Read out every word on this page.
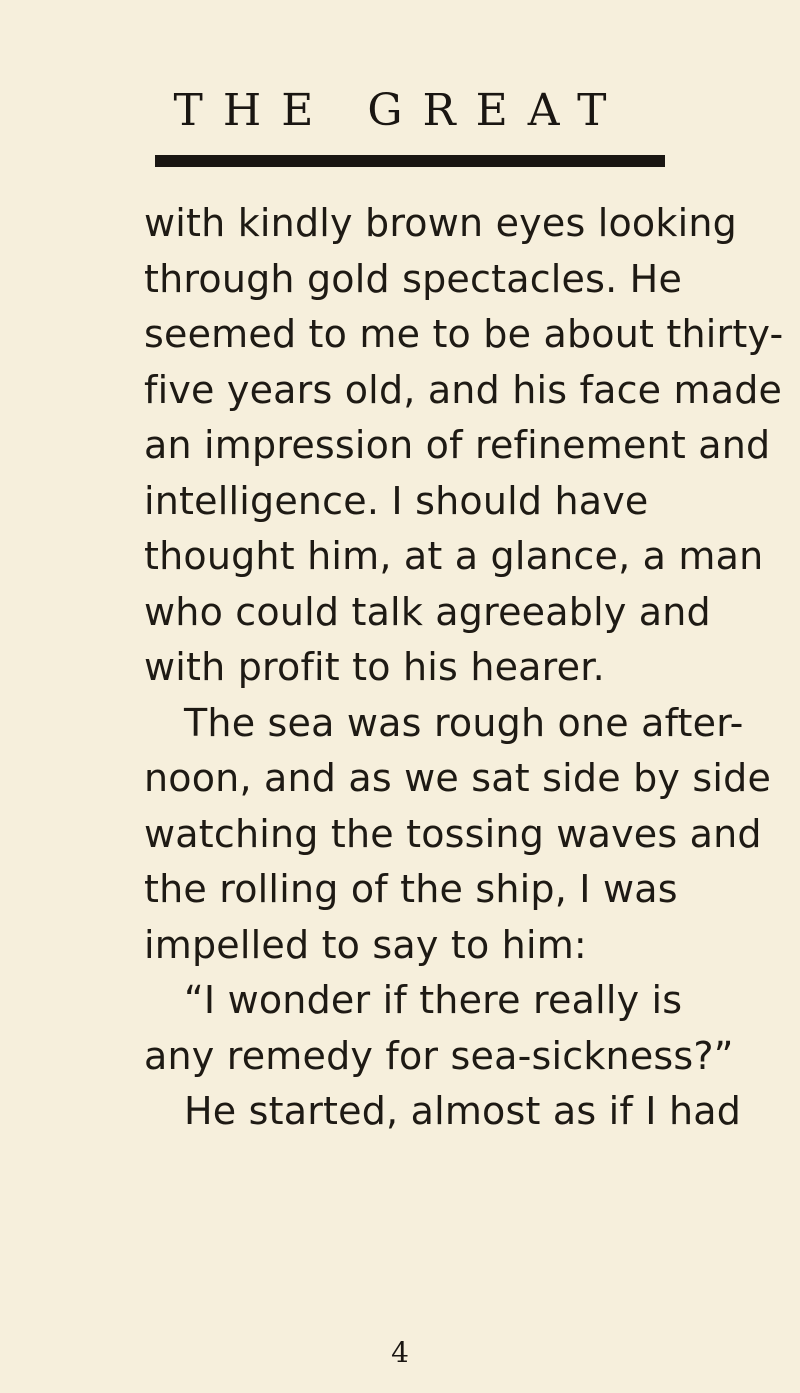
THE GREAT
with kindly brown eyes looking
through gold spectacles. He
seemed to me to be about thirty-
five years old, and his face made
an impression of refinement and
intelligence. I should have
thought him, at a glance, a man
who could talk agreeably and
with profit to his hearer.
The sea was rough one after-
noon, and as we sat side by side
watching the tossing waves and
the rolling of the ship, I was
impelled to say to him:
“I wonder if there really is
any remedy for sea-sickness?”
He started, almost as if I had
4
